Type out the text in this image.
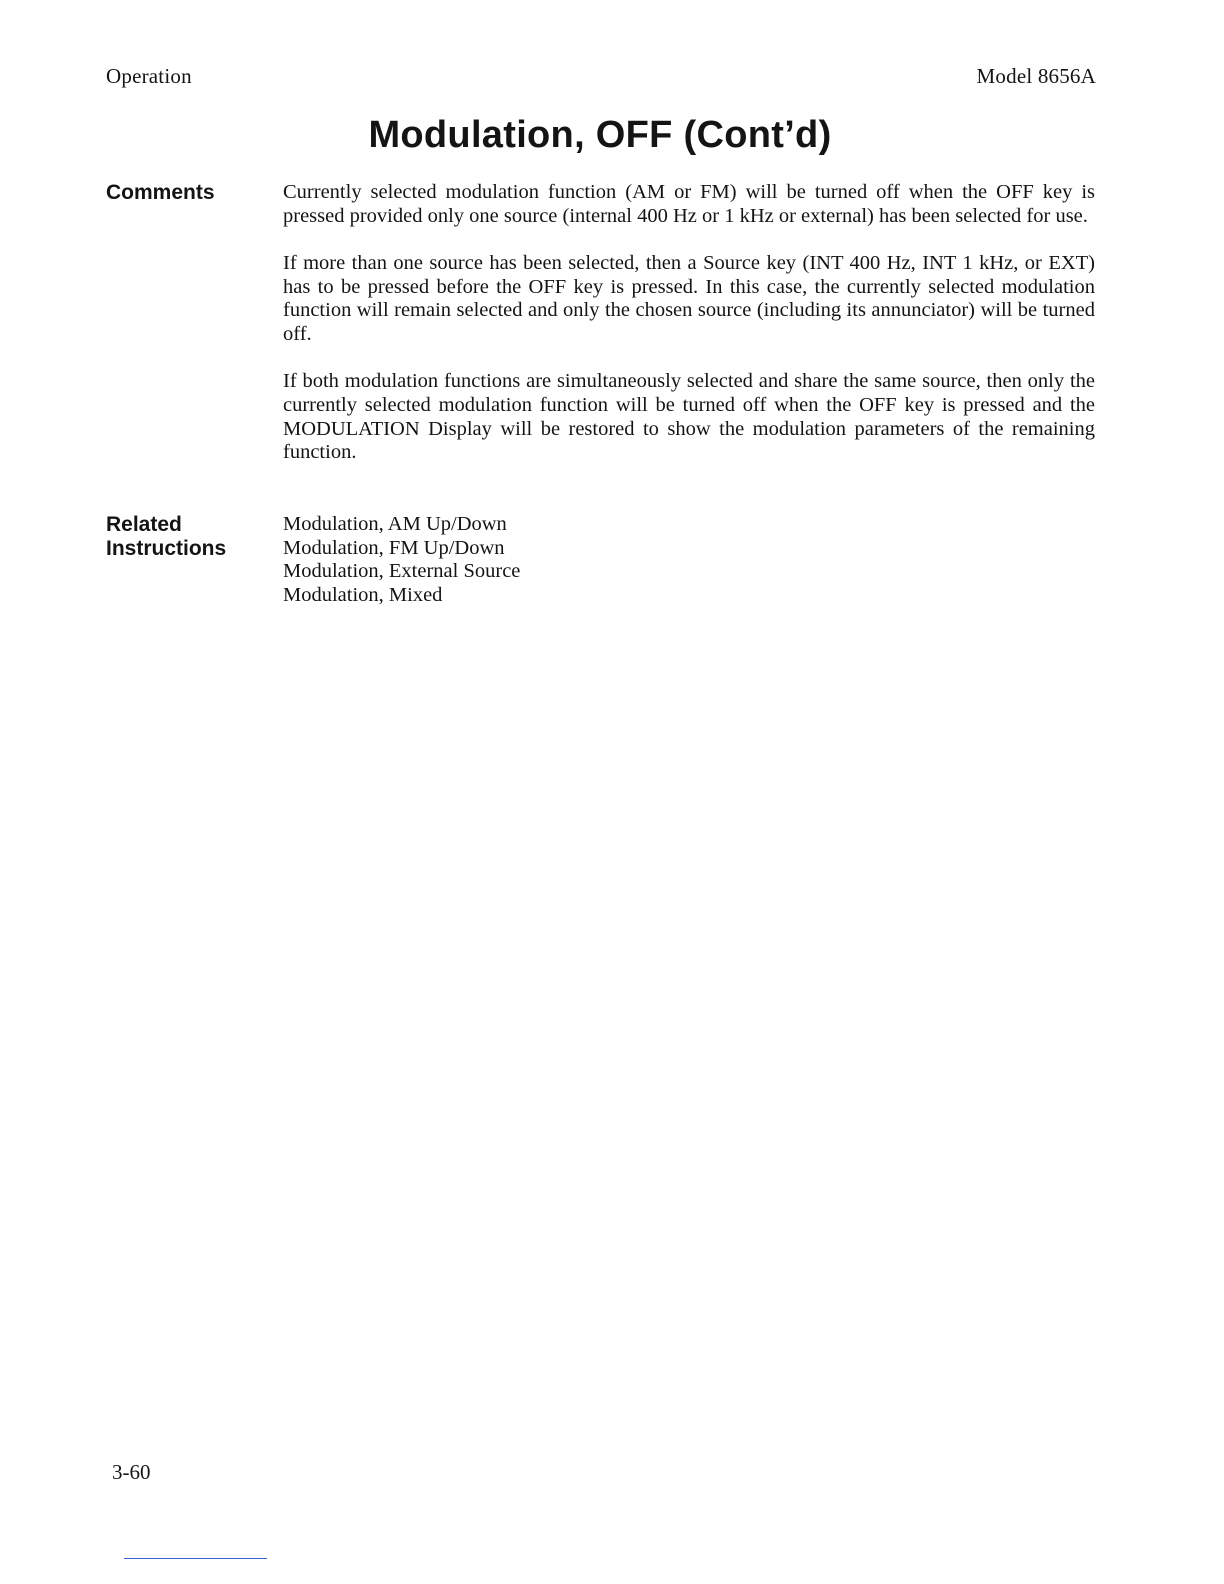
Operation	Model 8656A
Modulation, OFF (Cont’d)
Comments	Currently selected modulation function (AM or FM) will be turned off when the OFF key is pressed provided only one source (internal 400 Hz or 1 kHz or external) has been selected for use.

If more than one source has been selected, then a Source key (INT 400 Hz, INT 1 kHz, or EXT) has to be pressed before the OFF key is pressed. In this case, the currently selected modulation function will remain selected and only the chosen source (including its annunciator) will be turned off.

If both modulation functions are simultaneously selected and share the same source, then only the currently selected modulation function will be turned off when the OFF key is pressed and the MODULATION Display will be restored to show the modulation parameters of the remaining function.

Related
Instructions
Modulation, AM Up/Down
Modulation, FM Up/Down
Modulation, External Source
Modulation, Mixed
3-60
